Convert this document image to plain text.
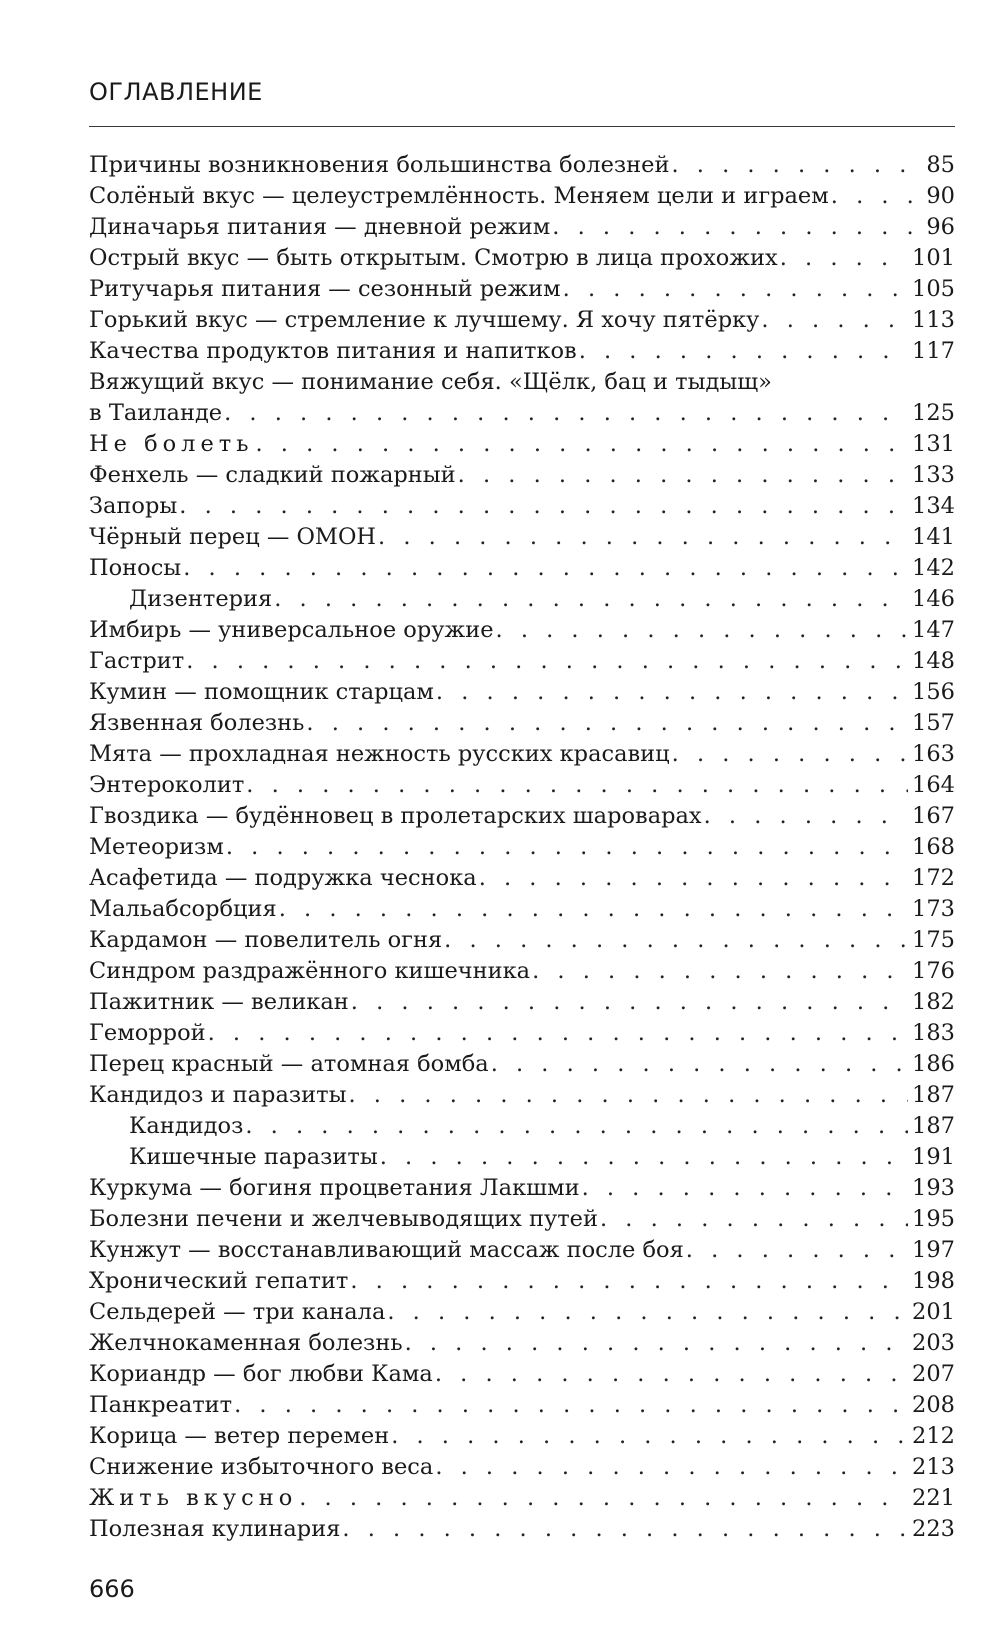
ОГЛАВЛЕНИЕ
Причины возникновения большинства болезней . . .	85
Солёный вкус — целеустремлённость. Меняем цели и играем . . .	90
Диначарья питания — дневной режим . . .	96
Острый вкус — быть открытым. Смотрю в лица прохожих . . .	101
Ритучарья питания — сезонный режим . . .	105
Горький вкус — стремление к лучшему. Я хочу пятёрку . . .	113
Качества продуктов питания и напитков . . .	117
Вяжущий вкус — понимание себя. «Щёлк, бац и тыдыщ»
в Таиланде . . .	125
Не болеть . . .	131
Фенхель — сладкий пожарный . . .	133
Запоры . . .	134
Чёрный перец — ОМОН . . .	141
Поносы . . .	142
Дизентерия . . .	146
Имбирь — универсальное оружие . . .	147
Гастрит . . .	148
Кумин — помощник старцам . . .	156
Язвенная болезнь . . .	157
Мята — прохладная нежность русских красавиц . . .	163
Энтероколит . . .	164
Гвоздика — будённовец в пролетарских шароварах . . .	167
Метеоризм . . .	168
Асафетида — подружка чеснока . . .	172
Мальабсорбция . . .	173
Кардамон — повелитель огня . . .	175
Синдром раздражённого кишечника . . .	176
Пажитник — великан . . .	182
Геморрой . . .	183
Перец красный — атомная бомба . . .	186
Кандидоз и паразиты . . .	187
Кандидоз . . .	187
Кишечные паразиты . . .	191
Куркума — богиня процветания Лакшми . . .	193
Болезни печени и желчевыводящих путей . . .	195
Кунжут — восстанавливающий массаж после боя . . .	197
Хронический гепатит . . .	198
Сельдерей — три канала . . .	201
Желчнокаменная болезнь . . .	203
Кориандр — бог любви Кама . . .	207
Панкреатит . . .	208
Корица — ветер перемен . . .	212
Снижение избыточного веса . . .	213
Жить вкусно . . .	221
Полезная кулинария . . .	223
666
